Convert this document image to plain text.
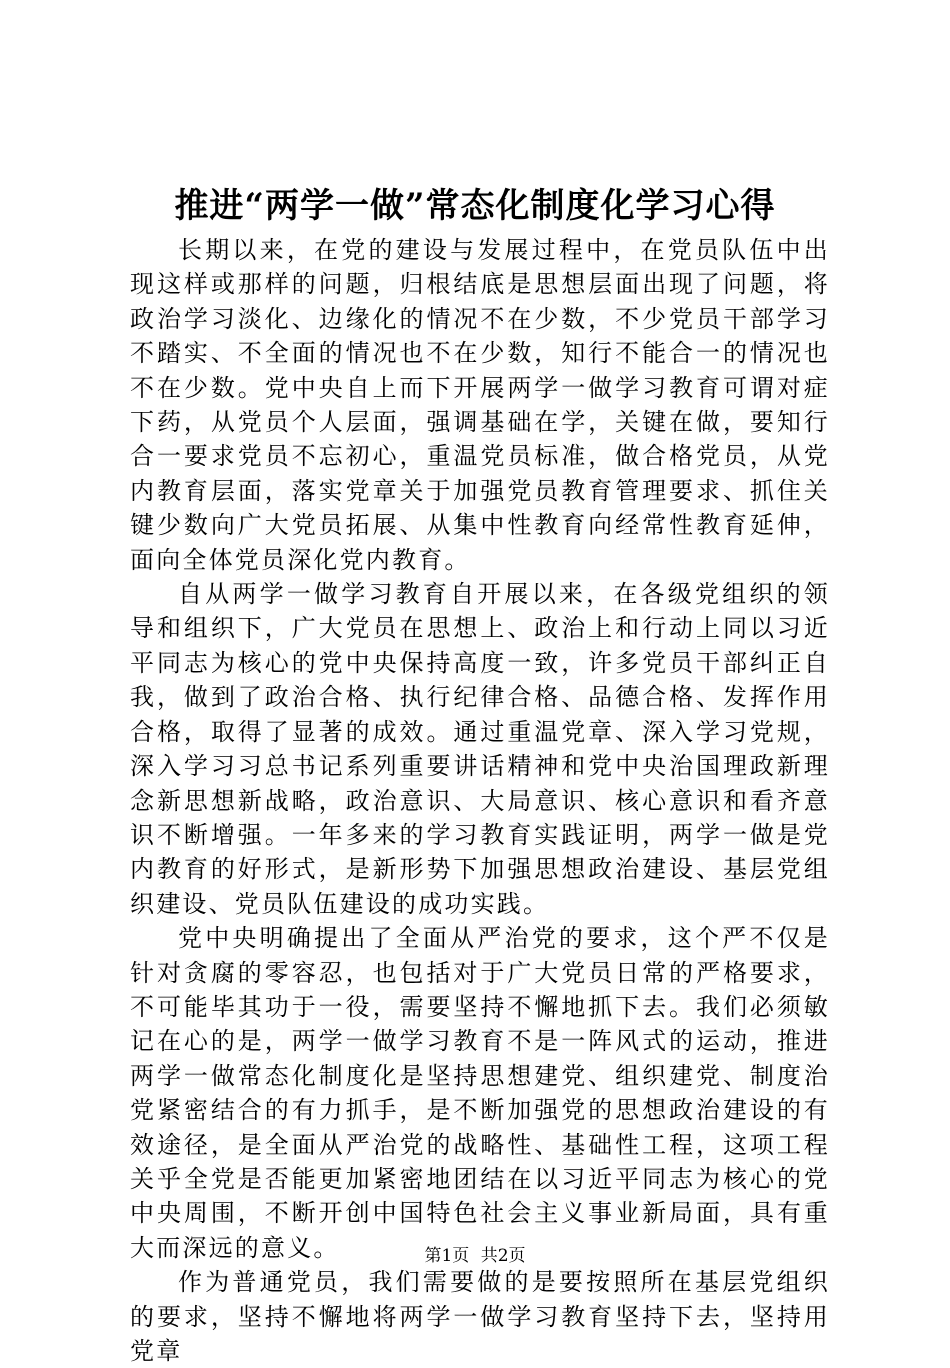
推进“两学一做”常态化制度化学习心得

长期以来，在党的建设与发展过程中，在党员队伍中出现这样或那样的问题，归根结底是思想层面出现了问题，将政治学习淡化、边缘化的情况不在少数，不少党员干部学习不踏实、不全面的情况也不在少数，知行不能合一的情况也不在少数。党中央自上而下开展两学一做学习教育可谓对症下药，从党员个人层面，强调基础在学，关键在做，要知行合一要求党员不忘初心，重温党员标准，做合格党员，从党内教育层面，落实党章关于加强党员教育管理要求、抓住关键少数向广大党员拓展、从集中性教育向经常性教育延伸，面向全体党员深化党内教育。

自从两学一做学习教育自开展以来，在各级党组织的领导和组织下，广大党员在思想上、政治上和行动上同以习近平同志为核心的党中央保持高度一致，许多党员干部纠正自我，做到了政治合格、执行纪律合格、品德合格、发挥作用合格，取得了显著的成效。通过重温党章、深入学习党规，深入学习习总书记系列重要讲话精神和党中央治国理政新理念新思想新战略，政治意识、大局意识、核心意识和看齐意识不断增强。一年多来的学习教育实践证明，两学一做是党内教育的好形式，是新形势下加强思想政治建设、基层党组织建设、党员队伍建设的成功实践。

党中央明确提出了全面从严治党的要求，这个严不仅是针对贪腐的零容忍，也包括对于广大党员日常的严格要求，不可能毕其功于一役，需要坚持不懈地抓下去。我们必须敏记在心的是，两学一做学习教育不是一阵风式的运动，推进两学一做常态化制度化是坚持思想建党、组织建党、制度治党紧密结合的有力抓手，是不断加强党的思想政治建设的有效途径，是全面从严治党的战略性、基础性工程，这项工程关乎全党是否能更加紧密地团结在以习近平同志为核心的党中央周围，不断开创中国特色社会主义事业新局面，具有重大而深远的意义。

作为普通党员，我们需要做的是要按照所在基层党组织的要求，坚持不懈地将两学一做学习教育坚持下去，坚持用党章

第1页 共2页
